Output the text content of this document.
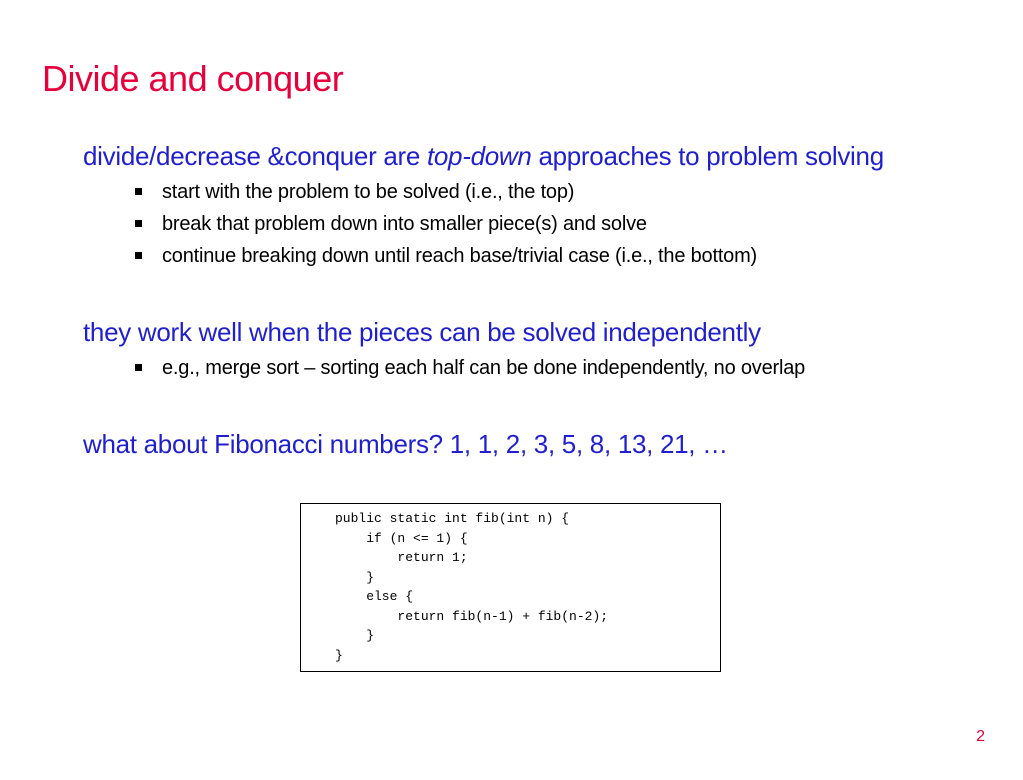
Divide and conquer
divide/decrease &conquer are top-down approaches to problem solving
start with the problem to be solved (i.e., the top)
break that problem down into smaller piece(s) and solve
continue breaking down until reach base/trivial case (i.e., the bottom)
they work well when the pieces can be solved independently
e.g., merge sort – sorting each half can be done independently, no overlap
what about Fibonacci numbers? 1, 1, 2, 3, 5, 8, 13, 21, …
public static int fib(int n) {
if (n <= 1) {
return 1;
}
else {
return fib(n-1) + fib(n-2);
}
}
2
